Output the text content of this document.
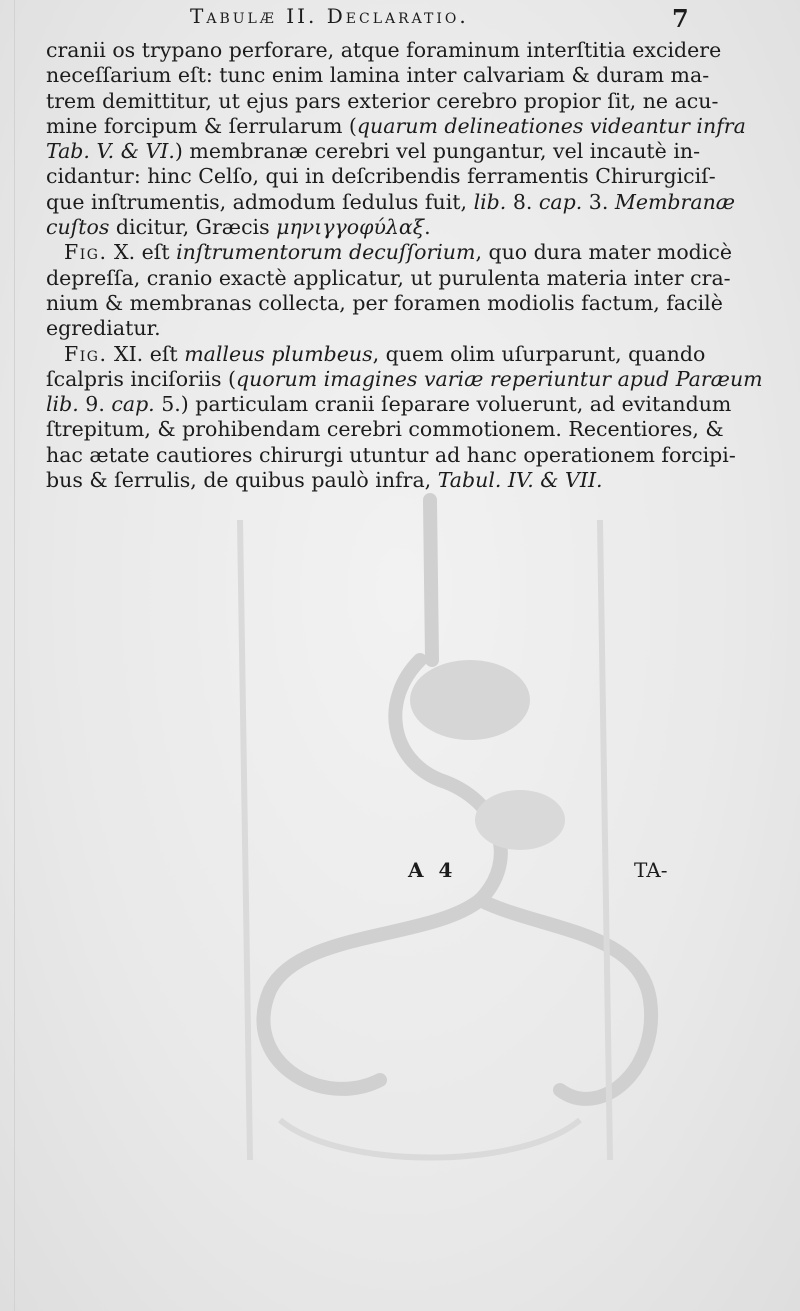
Tabulæ II. Declaratio.	7
cranii os trypano perforare, atque foraminum interſtitia excidere
neceſſarium eſt: tunc enim lamina inter calvariam & duram ma-
trem demittitur, ut ejus pars exterior cerebro propior ſit, ne acu-
mine forcipum & ſerrularum (quarum delineationes videantur infra
Tab. V. & VI.) membranæ cerebri vel pungantur, vel incautè in-
cidantur: hinc Celſo, qui in deſcribendis ferramentis Chirurgiciſ-
que inſtrumentis, admodum ſedulus fuit, lib. 8. cap. 3. Membranæ
cuſtos dicitur, Græcis μηνιγγοφύλαξ.
Fig. X. eſt inſtrumentorum decuſſorium, quo dura mater modicè
depreſſa, cranio exactè applicatur, ut purulenta materia inter cra-
nium & membranas collecta, per foramen modiolis factum, facilè
egrediatur.
Fig. XI. eſt malleus plumbeus, quem olim uſurparunt, quando
ſcalpris inciſoriis (quorum imagines variæ reperiuntur apud Paræum
lib. 9. cap. 5.) particulam cranii ſeparare voluerunt, ad evitandum
ſtrepitum, & prohibendam cerebri commotionem. Recentiores, &
hac ætate cautiores chirurgi utuntur ad hanc operationem forcipi-
bus & ſerrulis, de quibus paulò infra, Tabul. IV. & VII.
A 4	TA-
